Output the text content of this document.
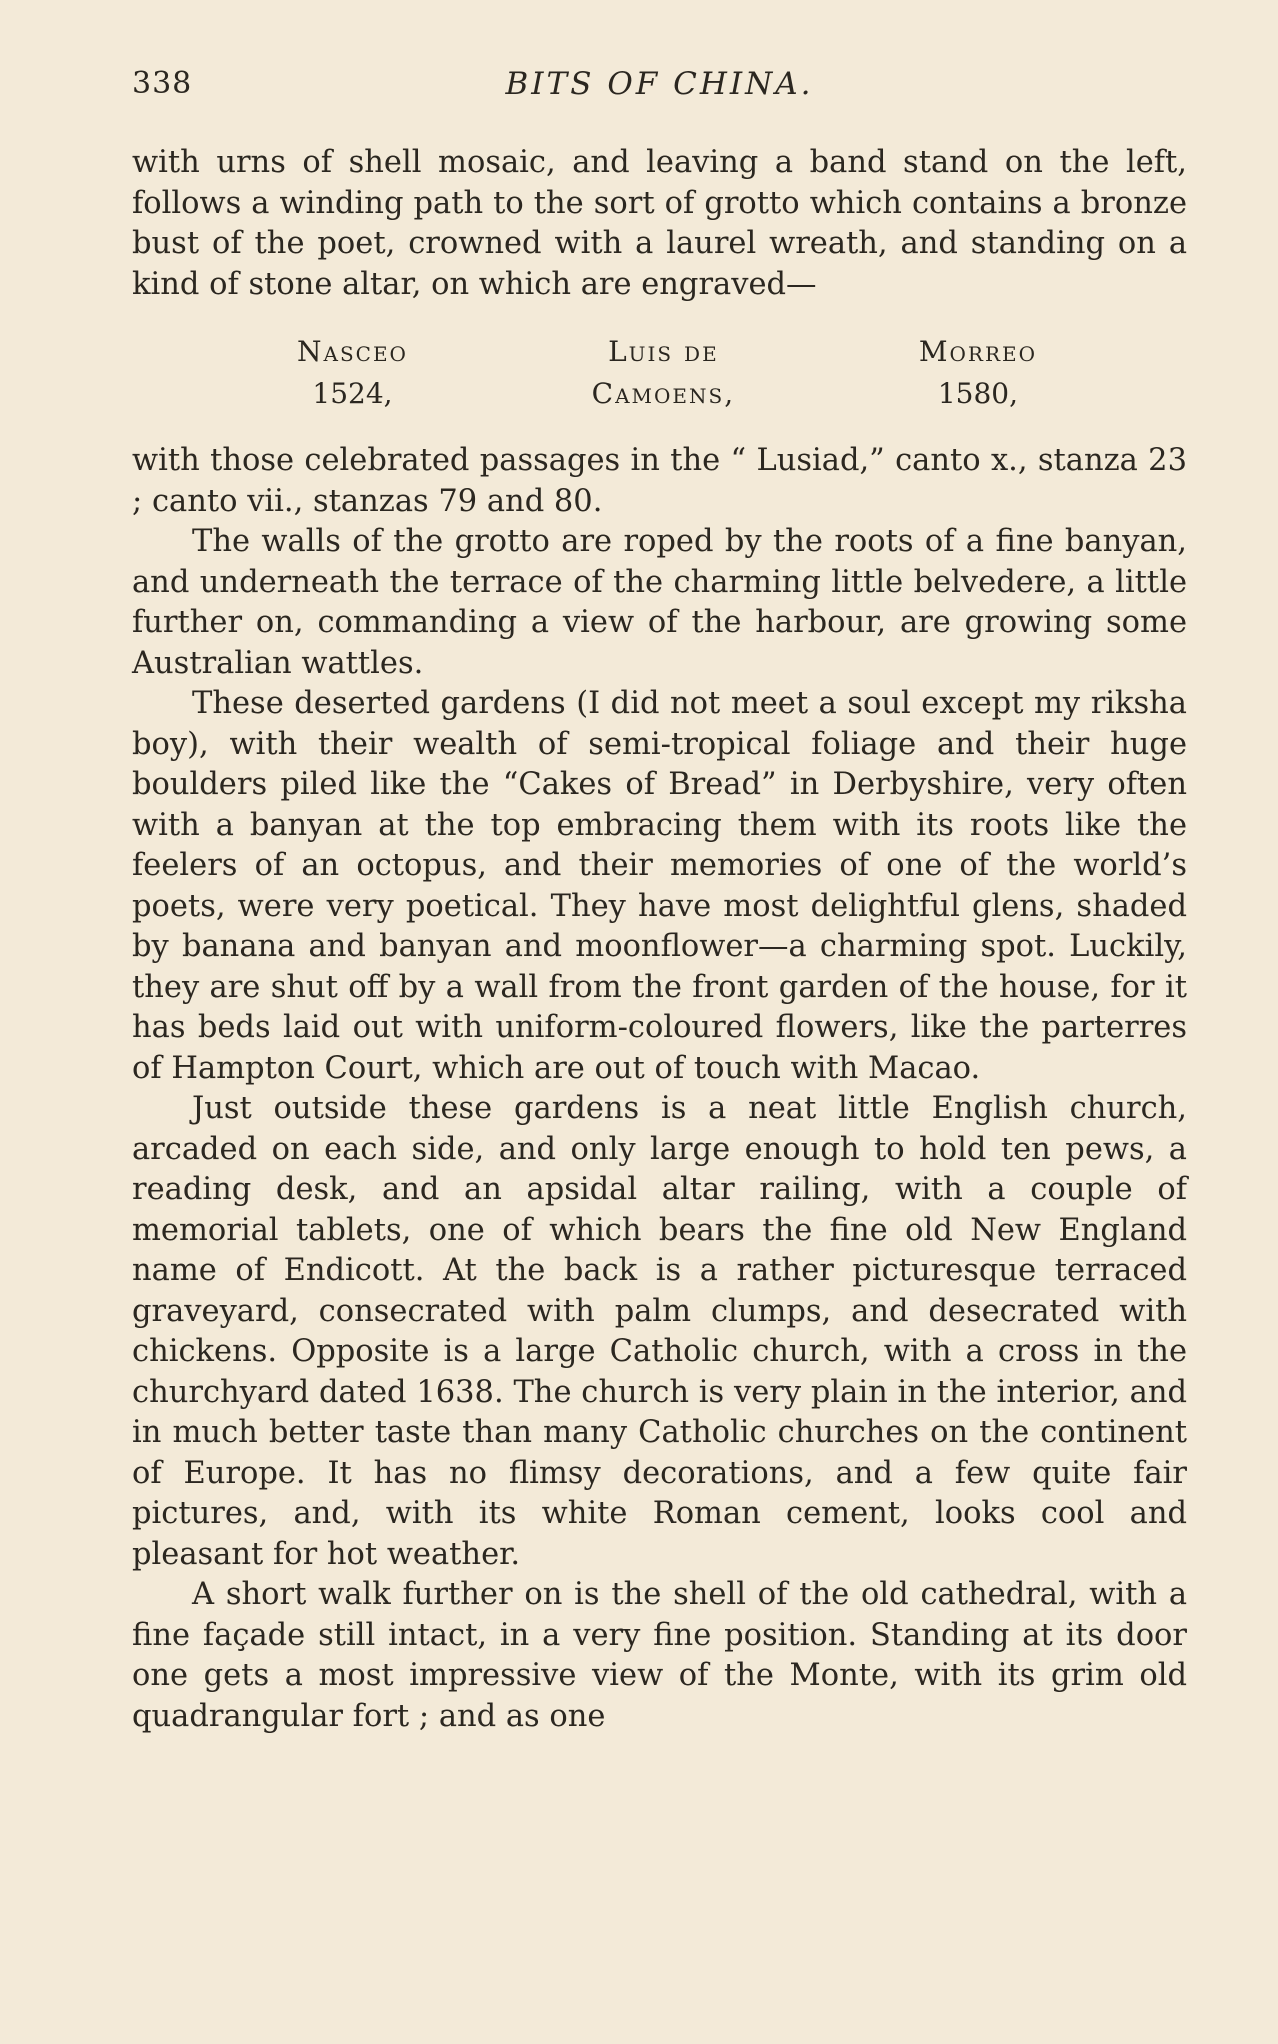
338	BITS OF CHINA.

with urns of shell mosaic, and leaving a band stand on the left, follows a winding path to the sort of grotto which contains a bronze bust of the poet, crowned with a laurel wreath, and standing on a kind of stone altar, on which are engraved—

Nasceo
1524,
Luis de
Camoens,
Morreo
1580,

with those celebrated passages in the “ Lusiad,” canto x., stanza 23 ; canto vii., stanzas 79 and 80.

The walls of the grotto are roped by the roots of a fine banyan, and underneath the terrace of the charming little belvedere, a little further on, commanding a view of the harbour, are growing some Australian wattles.

These deserted gardens (I did not meet a soul except my riksha boy), with their wealth of semi-tropical foliage and their huge boulders piled like the “Cakes of Bread” in Derbyshire, very often with a banyan at the top embracing them with its roots like the feelers of an octopus, and their memories of one of the world’s poets, were very poetical. They have most delightful glens, shaded by banana and banyan and moonflower—a charming spot. Luckily, they are shut off by a wall from the front garden of the house, for it has beds laid out with uniform-coloured flowers, like the parterres of Hampton Court, which are out of touch with Macao.

Just outside these gardens is a neat little English church, arcaded on each side, and only large enough to hold ten pews, a reading desk, and an apsidal altar railing, with a couple of memorial tablets, one of which bears the fine old New England name of Endicott. At the back is a rather picturesque terraced graveyard, consecrated with palm clumps, and desecrated with chickens. Opposite is a large Catholic church, with a cross in the churchyard dated 1638. The church is very plain in the interior, and in much better taste than many Catholic churches on the continent of Europe. It has no flimsy decorations, and a few quite fair pictures, and, with its white Roman cement, looks cool and pleasant for hot weather.

A short walk further on is the shell of the old cathedral, with a fine façade still intact, in a very fine position. Standing at its door one gets a most impressive view of the Monte, with its grim old quadrangular fort ; and as one
